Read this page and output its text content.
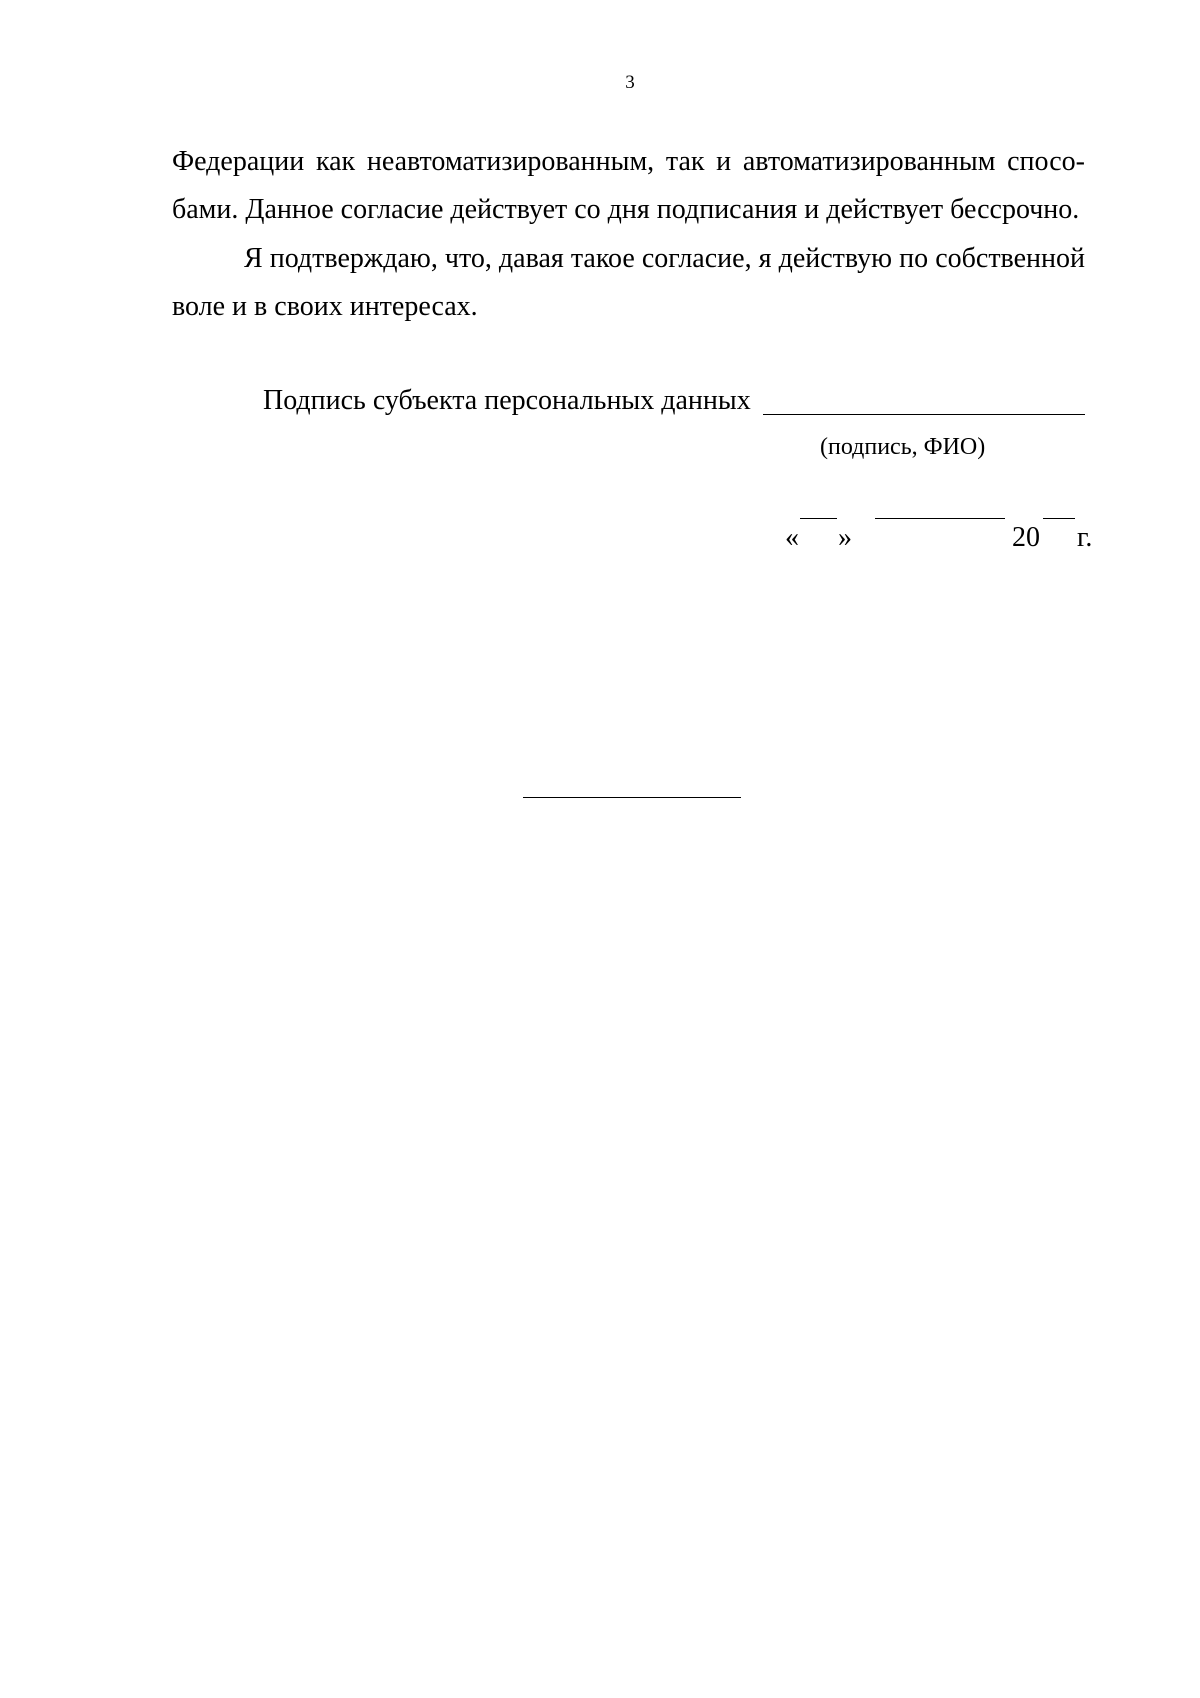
3
Федерации как неавтоматизированным, так и автоматизированным спосо-
бами. Данное согласие действует со дня подписания и действует бессрочно.
Я подтверждаю, что, давая такое согласие, я действую по собственной
воле и в своих интересах.
Подпись субъекта персональных данных
(подпись, ФИО)
« »	20 г.
